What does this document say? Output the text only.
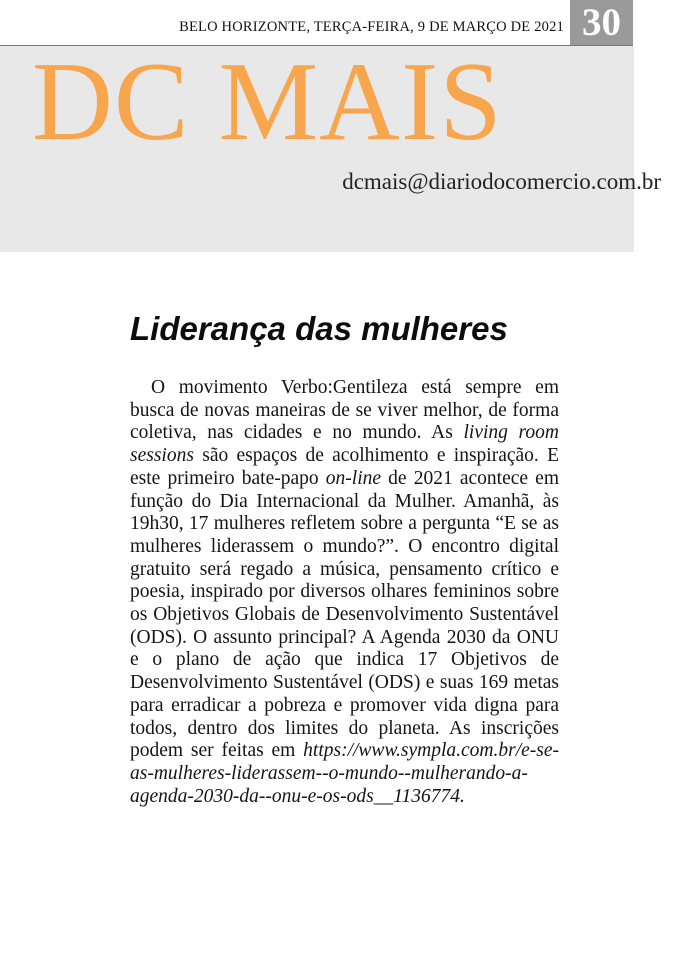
BELO HORIZONTE, TERÇA-FEIRA, 9 DE MARÇO DE 2021 30
DC MAIS
dcmais@diariodocomercio.com.br
Liderança das mulheres

O movimento Verbo:Gentileza está sempre em busca de novas maneiras de se viver melhor, de forma coletiva, nas cidades e no mundo. As living room sessions são espaços de acolhimento e inspiração. E este primeiro bate-papo on-line de 2021 acontece em função do Dia Internacional da Mulher. Amanhã, às 19h30, 17 mulheres refletem sobre a pergunta “E se as mulheres liderassem o mundo?”. O encontro digital gratuito será regado a música, pensamento crítico e poesia, inspirado por diversos olhares femininos sobre os Objetivos Globais de Desenvolvimento Sustentável (ODS). O assunto principal? A Agenda 2030 da ONU e o plano de ação que indica 17 Objetivos de Desenvolvimento Sustentável (ODS) e suas 169 metas para erradicar a pobreza e promover vida digna para todos, dentro dos limites do planeta. As inscrições podem ser feitas em https://www.sympla.com.br/e-se-as-mulheres-liderassem--o-mundo--mulherando-a-agenda-2030-da--onu-e-os-ods__1136774.
